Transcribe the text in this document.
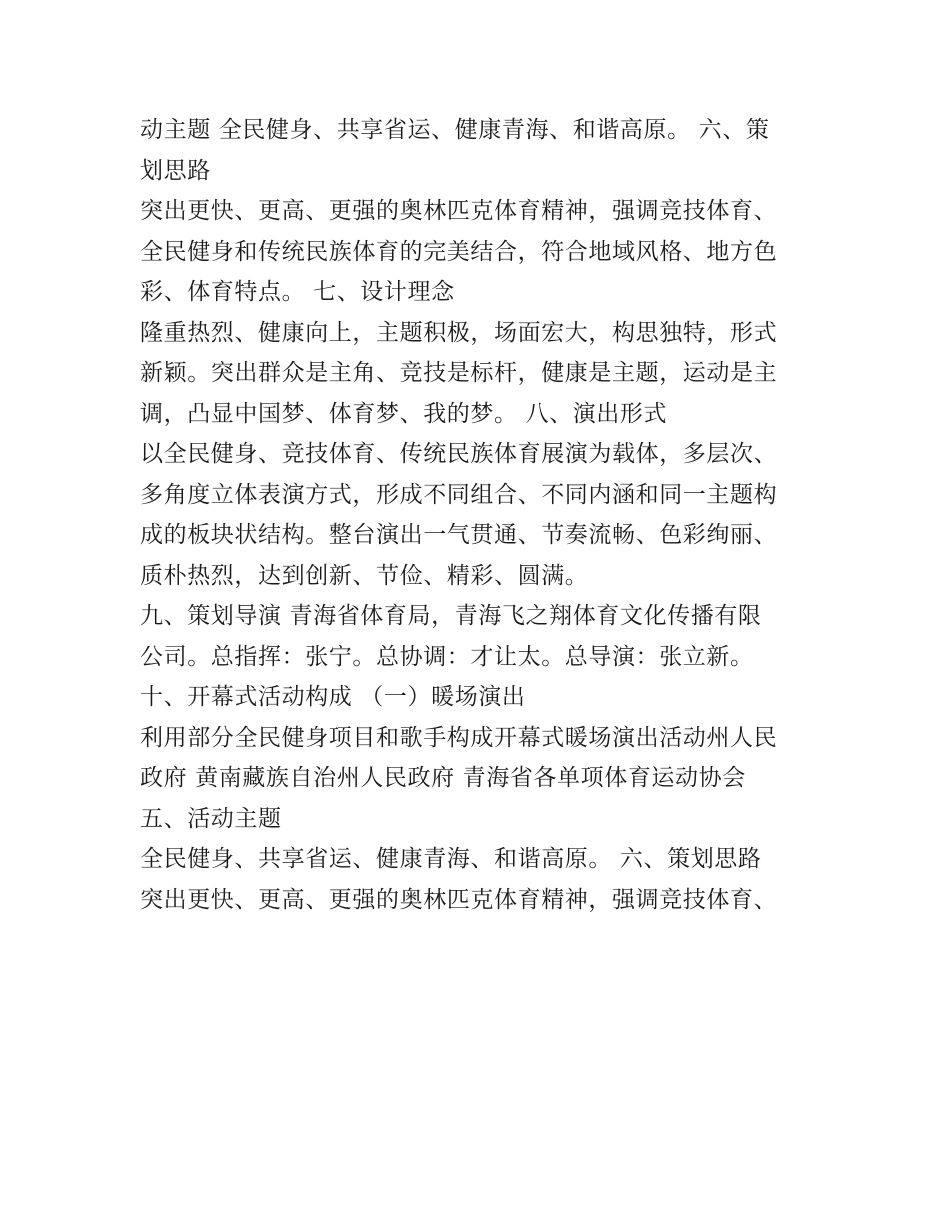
动主题 全民健身、共享省运、健康青海、和谐高原。 六、策
划思路
突出更快、更高、更强的奥林匹克体育精神，强调竞技体育、
全民健身和传统民族体育的完美结合，符合地域风格、地方色
彩、体育特点。 七、设计理念
隆重热烈、健康向上，主题积极，场面宏大，构思独特，形式
新颖。突出群众是主角、竞技是标杆，健康是主题，运动是主
调，凸显中国梦、体育梦、我的梦。 八、演出形式
以全民健身、竞技体育、传统民族体育展演为载体，多层次、
多角度立体表演方式，形成不同组合、不同内涵和同一主题构
成的板块状结构。整台演出一气贯通、节奏流畅、色彩绚丽、
质朴热烈，达到创新、节俭、精彩、圆满。
九、策划导演 青海省体育局，青海飞之翔体育文化传播有限
公司。总指挥：张宁。总协调：才让太。总导演：张立新。
十、开幕式活动构成 （一）暖场演出
利用部分全民健身项目和歌手构成开幕式暖场演出活动州人民
政府 黄南藏族自治州人民政府 青海省各单项体育运动协会
五、活动主题
全民健身、共享省运、健康青海、和谐高原。 六、策划思路
突出更快、更高、更强的奥林匹克体育精神，强调竞技体育、
